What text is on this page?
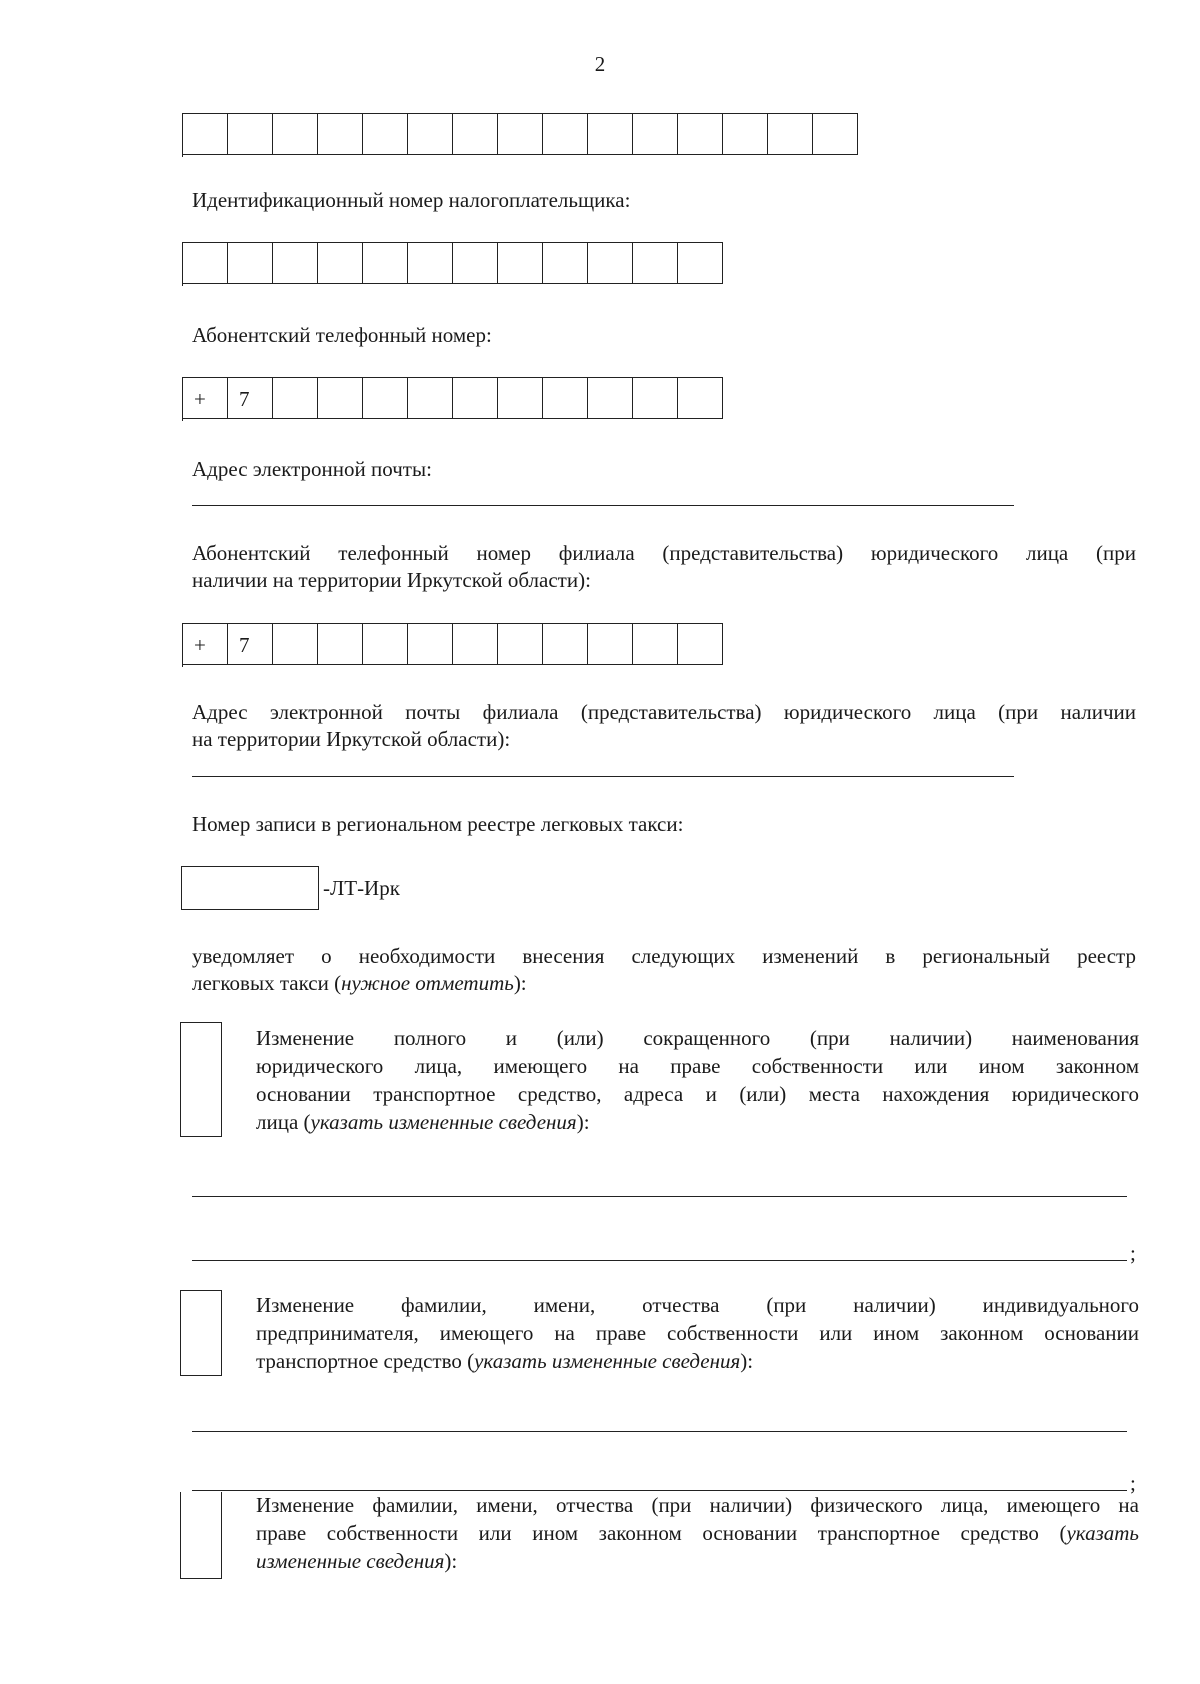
2
Идентификационный номер налогоплательщика:
Абонентский телефонный номер:
+	7
Адрес электронной почты:
Абонентский телефонный номер филиала (представительства) юридического лица (при
наличии на территории Иркутской области):
+	7
Адрес электронной почты филиала (представительства) юридического лица (при наличии
на территории Иркутской области):
Номер записи в региональном реестре легковых такси:
-ЛТ-Ирк
уведомляет о необходимости внесения следующих изменений в региональный реестр
легковых такси (нужное отметить):
Изменение полного и (или) сокращенного (при наличии) наименования
юридического лица, имеющего на праве собственности или ином законном
основании транспортное средство, адреса и (или) места нахождения юридического
лица (указать измененные сведения):
;
Изменение фамилии, имени, отчества (при наличии) индивидуального
предпринимателя, имеющего на праве собственности или ином законном основании
транспортное средство (указать измененные сведения):
;
Изменение фамилии, имени, отчества (при наличии) физического лица, имеющего на
праве собственности или ином законном основании транспортное средство (указать
измененные сведения):
